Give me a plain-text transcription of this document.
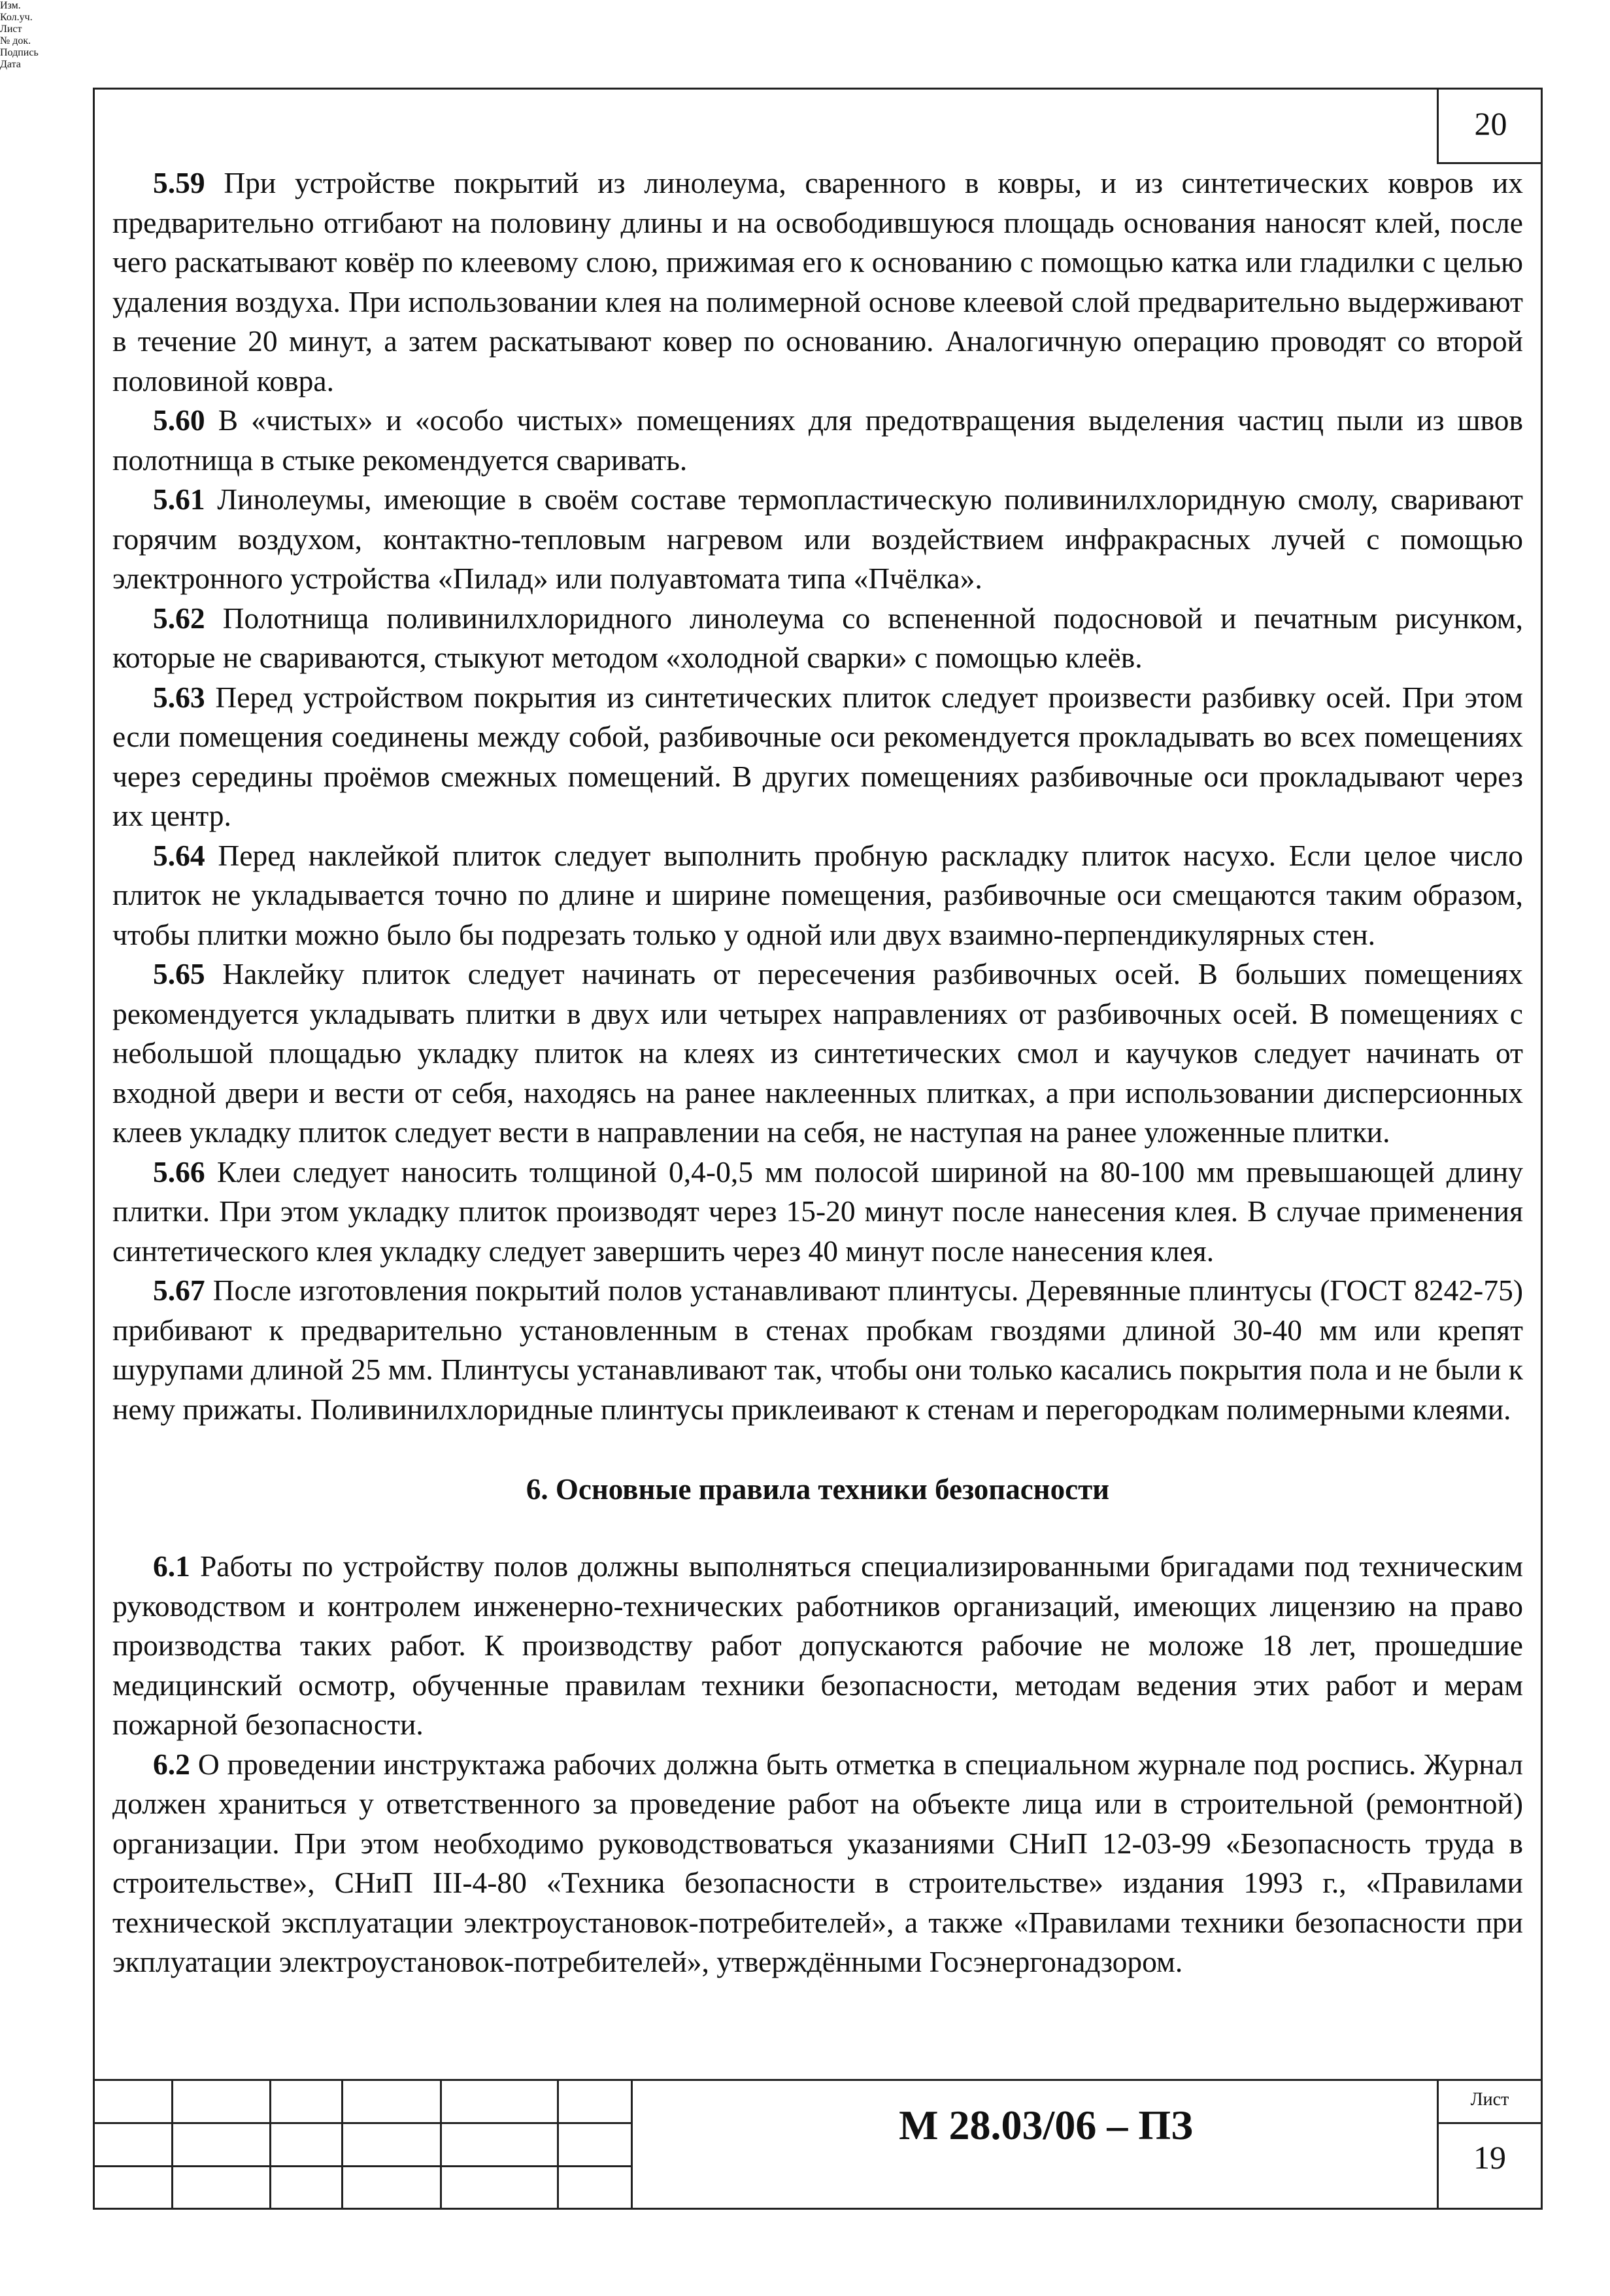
20

5.59 При устройстве покрытий из линолеума, сваренного в ковры, и из синтетических ковров их предварительно отгибают на половину длины и на освободившуюся площадь основания наносят клей, после чего раскатывают ковёр по клеевому слою, прижимая его к основанию с помощью катка или гладилки с целью удаления воздуха. При использовании клея на полимерной основе клеевой слой предварительно выдерживают в течение 20 минут, а затем раскатывают ковер по основанию. Аналогичную операцию проводят со второй половиной ковра.

5.60 В «чистых» и «особо чистых» помещениях для предотвращения выделения частиц пыли из швов полотнища в стыке рекомендуется сваривать.

5.61 Линолеумы, имеющие в своём составе термопластическую поливинилхлоридную смолу, сваривают горячим воздухом, контактно-тепловым нагревом или воздействием инфракрасных лучей с помощью электронного устройства «Пилад» или полуавтомата типа «Пчёлка».

5.62 Полотнища поливинилхлоридного линолеума со вспененной подосновой и печатным рисунком, которые не свариваются, стыкуют методом «холодной сварки» с помощью клеёв.

5.63 Перед устройством покрытия из синтетических плиток следует произвести разбивку осей. При этом если помещения соединены между собой, разбивочные оси рекомендуется прокладывать во всех помещениях через середины проёмов смежных помещений. В других помещениях разбивочные оси прокладывают через их центр.

5.64 Перед наклейкой плиток следует выполнить пробную раскладку плиток насухо. Если целое число плиток не укладывается точно по длине и ширине помещения, разбивочные оси смещаются таким образом, чтобы плитки можно было бы подрезать только у одной или двух взаимно-перпендикулярных стен.

5.65 Наклейку плиток следует начинать от пересечения разбивочных осей. В больших помещениях рекомендуется укладывать плитки в двух или четырех направлениях от разбивочных осей. В помещениях с небольшой площадью укладку плиток на клеях из синтетических смол и каучуков следует начинать от входной двери и вести от себя, находясь на ранее наклеенных плитках, а при использовании дисперсионных клеев укладку плиток следует вести в направлении на себя, не наступая на ранее уложенные плитки.

5.66 Клеи следует наносить толщиной 0,4-0,5 мм полосой шириной на 80-100 мм превышающей длину плитки. При этом укладку плиток производят через 15-20 минут после нанесения клея. В случае применения синтетического клея укладку следует завершить через 40 минут после нанесения клея.

5.67 После изготовления покрытий полов устанавливают плинтусы. Деревянные плинтусы (ГОСТ 8242-75) прибивают к предварительно установленным в стенах пробкам гвоздями длиной 30-40 мм или крепят шурупами длиной 25 мм. Плинтусы устанавливают так, чтобы они только касались покрытия пола и не были к нему прижаты. Поливинилхлоридные плинтусы приклеивают к стенам и перегородкам полимерными клеями.

6. Основные правила техники безопасности

6.1 Работы по устройству полов должны выполняться специализированными бригадами под техническим руководством и контролем инженерно-технических работников организаций, имеющих лицензию на право производства таких работ. К производству работ допускаются рабочие не моложе 18 лет, прошедшие медицинский осмотр, обученные правилам техники безопасности, методам ведения этих работ и мерам пожарной безопасности.

6.2 О проведении инструктажа рабочих должна быть отметка в специальном журнале под роспись. Журнал должен храниться у ответственного за проведение работ на объекте лица или в строительной (ремонтной) организации. При этом необходимо руководствоваться указаниями СНиП 12-03-99 «Безопасность труда в строительстве», СНиП III-4-80 «Техника безопасности в строительстве» издания 1993 г., «Правилами технической эксплуатации электроустановок-потребителей», а также «Правилами техники безопасности при экплуатации электроустановок-потребителей», утверждёнными Госэнергонадзором.

Изм.
Кол.уч.
Лист
№ док.
Подпись
Дата
М 28.03/06 – ПЗ
Лист
19
